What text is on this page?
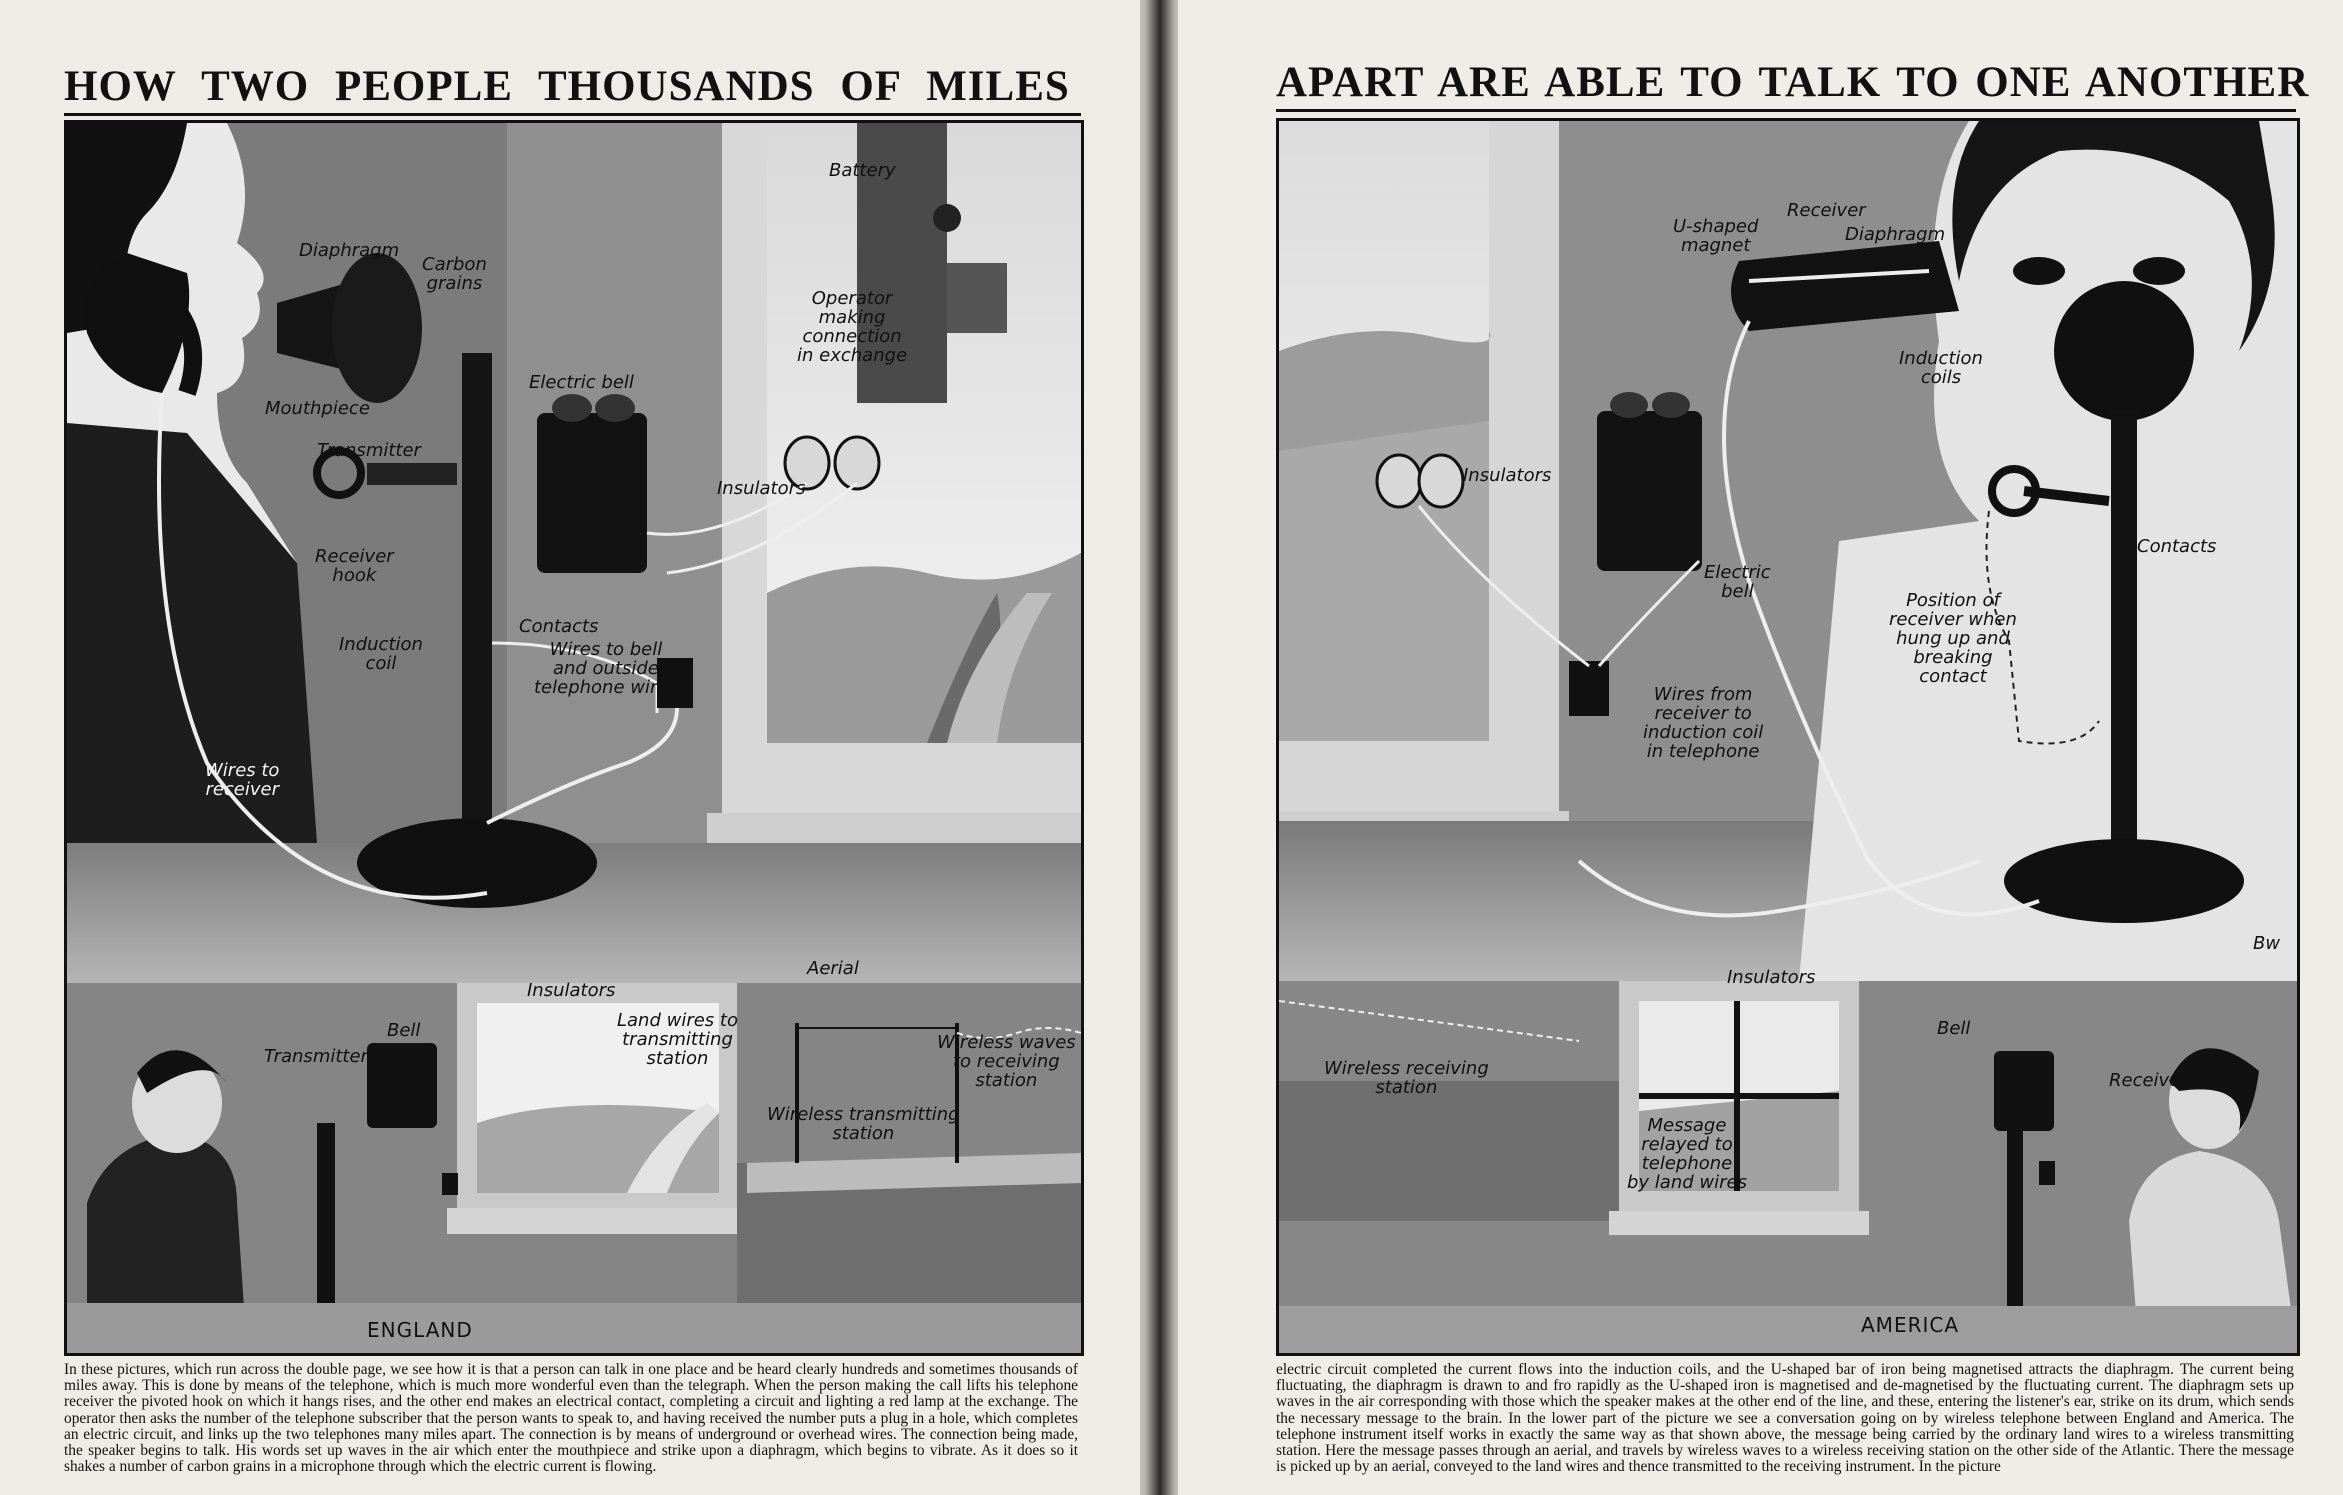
HOW TWO PEOPLE THOUSANDS OF MILES
Diaphragm
Carbon
grains
Mouthpiece
Transmitter
Receiver
hook
Induction
coil
Wires to
receiver
Electric bell
Contacts
Wires to bell
and outside
telephone wires
Insulators
Battery
Operator
making
connection
in exchange
Transmitter
Bell
Insulators
Land wires to
transmitting
station
Aerial
Wireless waves
to receiving
station
Wireless transmitting
station
ENGLAND

In these pictures, which run across the double page, we see how it is that a person can talk in one place and be heard clearly hundreds and sometimes thousands of miles away. This is done by means of the telephone, which is much more wonderful even than the telegraph. When the person making the call lifts his telephone receiver the pivoted hook on which it hangs rises, and the other end makes an electrical contact, completing a circuit and lighting a red lamp at the exchange. The operator then asks the number of the telephone subscriber that the person wants to speak to, and having received the number puts a plug in a hole, which completes an electric circuit, and links up the two telephones many miles apart. The connection is by means of underground or overhead wires. The connection being made, the speaker begins to talk. His words set up waves in the air which enter the mouthpiece and strike upon a diaphragm, which begins to vibrate. As it does so it shakes a number of carbon grains in a microphone through which the electric current is flowing.

APART ARE ABLE TO TALK TO ONE ANOTHER
U-shaped
magnet
Receiver
Diaphragm
Induction
coils
Insulators
Electric
bell
Contacts
Position of
receiver when
hung up and
breaking
contact
Wires from
receiver to
induction coil
in telephone
Wireless receiving
station
Insulators
Bell
Receiver
Message
relayed to
telephone
by land wires
Bw
AMERICA

electric circuit completed the current flows into the induction coils, and the U-shaped bar of iron being magnetised attracts the diaphragm. The current being fluctuating, the diaphragm is drawn to and fro rapidly as the U-shaped iron is magnetised and de-magnetised by the fluctuating current. The diaphragm sets up waves in the air corresponding with those which the speaker makes at the other end of the line, and these, entering the listener's ear, strike on its drum, which sends the necessary message to the brain. In the lower part of the picture we see a conversation going on by wireless telephone between England and America. The telephone instrument itself works in exactly the same way as that shown above, the message being carried by the ordinary land wires to a wireless transmitting station. Here the message passes through an aerial, and travels by wireless waves to a wireless receiving station on the other side of the Atlantic. There the message is picked up by an aerial, conveyed to the land wires and thence transmitted to the receiving instrument. In the picture
